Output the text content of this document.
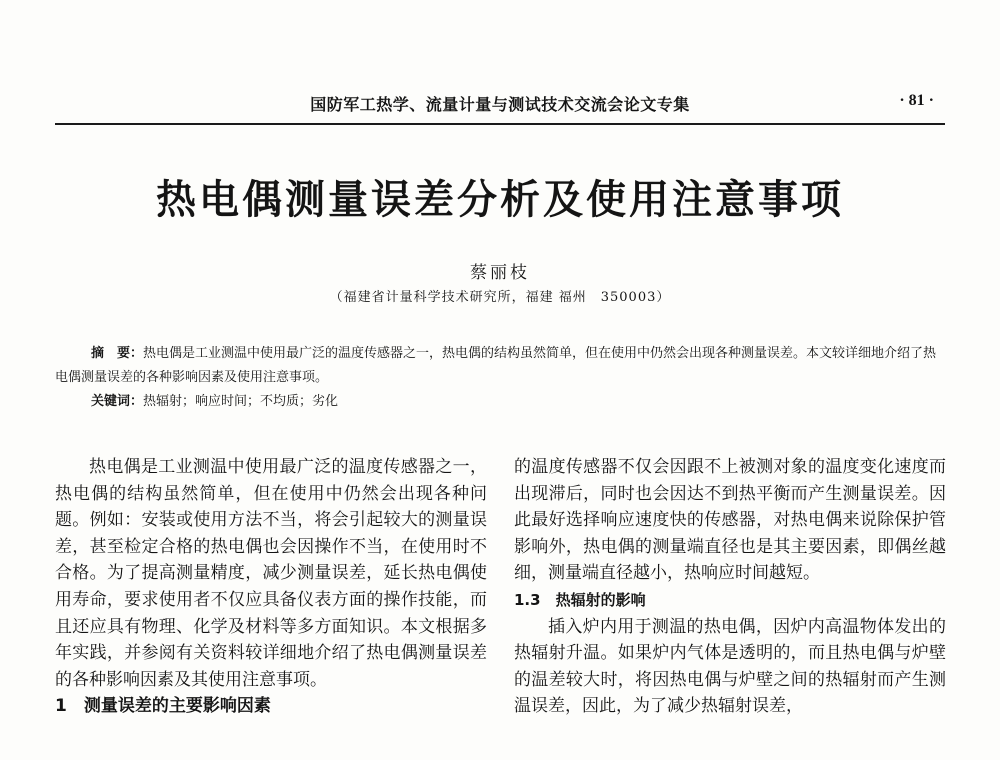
国防军工热学、流量计量与测试技术交流会论文专集	· 81 ·
热电偶测量误差分析及使用注意事项
蔡丽枝
（福建省计量科学技术研究所，福建 福州　350003）

摘　要：热电偶是工业测温中使用最广泛的温度传感器之一，热电偶的结构虽然简单，但在使用中仍然会出现各种测量误差。本文较详细地介绍了热电偶测量误差的各种影响因素及使用注意事项。

关键词：热辐射；响应时间；不均质；劣化

热电偶是工业测温中使用最广泛的温度传感器之一，热电偶的结构虽然简单，但在使用中仍然会出现各种问题。例如：安装或使用方法不当，将会引起较大的测量误差，甚至检定合格的热电偶也会因操作不当，在使用时不合格。为了提高测量精度，减少测量误差，延长热电偶使用寿命，要求使用者不仅应具备仪表方面的操作技能，而且还应具有物理、化学及材料等多方面知识。本文根据多年实践，并参阅有关资料较详细地介绍了热电偶测量误差的各种影响因素及其使用注意事项。

1　测量误差的主要影响因素

的温度传感器不仅会因跟不上被测对象的温度变化速度而出现滞后，同时也会因达不到热平衡而产生测量误差。因此最好选择响应速度快的传感器，对热电偶来说除保护管影响外，热电偶的测量端直径也是其主要因素，即偶丝越细，测量端直径越小，热响应时间越短。

1.3　热辐射的影响

插入炉内用于测温的热电偶，因炉内高温物体发出的热辐射升温。如果炉内气体是透明的，而且热电偶与炉壁的温差较大时，将因热电偶与炉壁之间的热辐射而产生测温误差，因此，为了减少热辐射误差，
